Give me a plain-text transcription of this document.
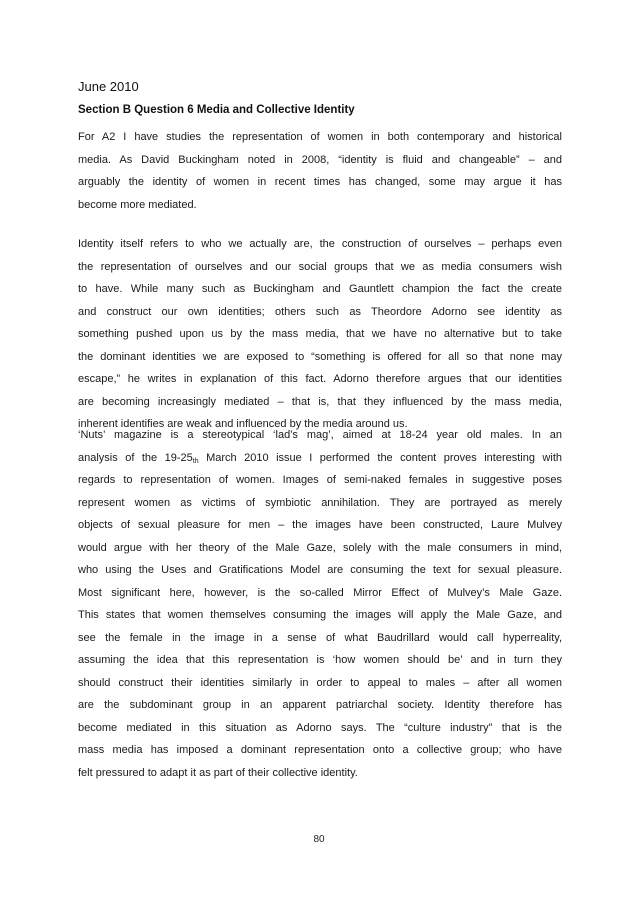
June 2010
Section B Question 6 Media and Collective Identity
For A2 I have studies the representation of women in both contemporary and historical
media. As David Buckingham noted in 2008, “identity is fluid and changeable” – and
arguably the identity of women in recent times has changed, some may argue it has
become more mediated.
Identity itself refers to who we actually are, the construction of ourselves – perhaps even
the representation of ourselves and our social groups that we as media consumers wish
to have. While many such as Buckingham and Gauntlett champion the fact the create
and construct our own identities; others such as Theordore Adorno see identity as
something pushed upon us by the mass media, that we have no alternative but to take
the dominant identities we are exposed to “something is offered for all so that none may
escape,” he writes in explanation of this fact. Adorno therefore argues that our identities
are becoming increasingly mediated – that is, that they influenced by the mass media,
inherent identifies are weak and influenced by the media around us.
‘Nuts’ magazine is a stereotypical ‘lad’s mag’, aimed at 18-24 year old males. In an
analysis of the $19-25_{th}$ March 2010 issue I performed the content proves interesting with
regards to representation of women. Images of semi-naked females in suggestive poses
represent women as victims of symbiotic annihilation. They are portrayed as merely
objects of sexual pleasure for men – the images have been constructed, Laure Mulvey
would argue with her theory of the Male Gaze, solely with the male consumers in mind,
who using the Uses and Gratifications Model are consuming the text for sexual pleasure.
Most significant here, however, is the so-called Mirror Effect of Mulvey’s Male Gaze.
This states that women themselves consuming the images will apply the Male Gaze, and
see the female in the image in a sense of what Baudrillard would call hyperreality,
assuming the idea that this representation is ‘how women should be’ and in turn they
should construct their identities similarly in order to appeal to males – after all women
are the subdominant group in an apparent patriarchal society. Identity therefore has
become mediated in this situation as Adorno says. The “culture industry” that is the
mass media has imposed a dominant representation onto a collective group; who have
felt pressured to adapt it as part of their collective identity.
80
